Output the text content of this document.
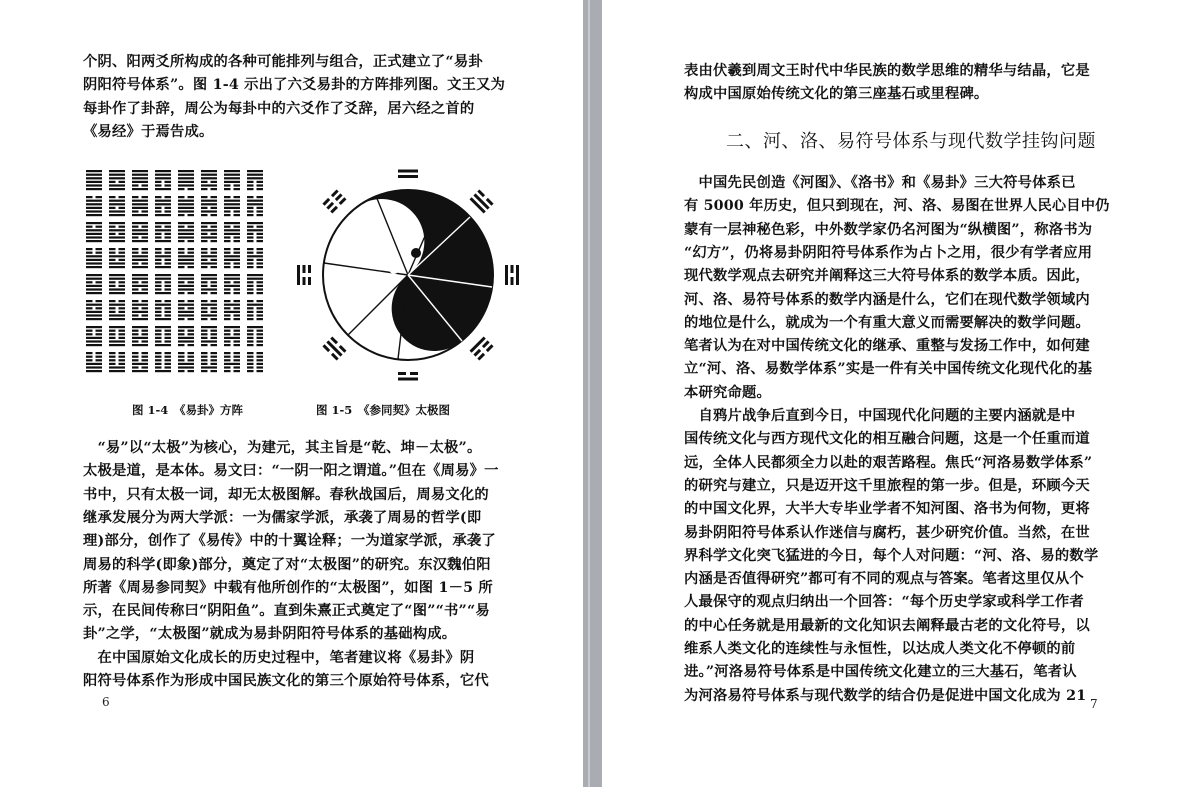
个阴、阳两爻所构成的各种可能排列与组合，正式建立了“易卦

阴阳符号体系”。图 1-4 示出了六爻易卦的方阵排列图。文王又为

每卦作了卦辞，周公为每卦中的六爻作了爻辞，居六经之首的

《易经》于焉告成。

图 1-4　《易卦》方阵	图 1-5　《参同契》太极图

　“易”以“太极”为核心，为建元，其主旨是“乾、坤－太极”。

太极是道，是本体。易文曰：“一阴一阳之谓道。”但在《周易》一

书中，只有太极一词，却无太极图解。春秋战国后，周易文化的

继承发展分为两大学派：一为儒家学派，承袭了周易的哲学(即

理)部分，创作了《易传》中的十翼诠释；一为道家学派，承袭了

周易的科学(即象)部分，奠定了对“太极图”的研究。东汉魏伯阳

所著《周易参同契》中载有他所创作的“太极图”，如图 1－5 所

示，在民间传称曰“阴阳鱼”。直到朱熹正式奠定了“图”“书”“易

卦”之学，“太极图”就成为易卦阴阳符号体系的基础构成。

　在中国原始文化成长的历史过程中，笔者建议将《易卦》阴

阳符号体系作为形成中国民族文化的第三个原始符号体系，它代

6

表由伏羲到周文王时代中华民族的数学思维的精华与结晶，它是

构成中国原始传统文化的第三座基石或里程碑。

二、河、洛、易符号体系与现代数学挂钩问题

　中国先民创造《河图》、《洛书》和《易卦》三大符号体系已

有 5000 年历史，但只到现在，河、洛、易图在世界人民心目中仍

蒙有一层神秘色彩，中外数学家仍名河图为“纵横图”，称洛书为

“幻方”，仍将易卦阴阳符号体系作为占卜之用，很少有学者应用

现代数学观点去研究并阐释这三大符号体系的数学本质。因此，

河、洛、易符号体系的数学内涵是什么，它们在现代数学领域内

的地位是什么，就成为一个有重大意义而需要解决的数学问题。

笔者认为在对中国传统文化的继承、重整与发扬工作中，如何建

立“河、洛、易数学体系”实是一件有关中国传统文化现代化的基

本研究命题。

　自鸦片战争后直到今日，中国现代化问题的主要内涵就是中

国传统文化与西方现代文化的相互融合问题，这是一个任重而道

远，全体人民都须全力以赴的艰苦路程。焦氏“河洛易数学体系”

的研究与建立，只是迈开这千里旅程的第一步。但是，环顾今天

的中国文化界，大半大专毕业学者不知河图、洛书为何物，更将

易卦阴阳符号体系认作迷信与腐朽，甚少研究价值。当然，在世

界科学文化突飞猛进的今日，每个人对问题：“河、洛、易的数学

内涵是否值得研究”都可有不同的观点与答案。笔者这里仅从个

人最保守的观点归纳出一个回答：“每个历史学家或科学工作者

的中心任务就是用最新的文化知识去阐释最古老的文化符号，以

维系人类文化的连续性与永恒性，以达成人类文化不停顿的前

进。”河洛易符号体系是中国传统文化建立的三大基石，笔者认

为河洛易符号体系与现代数学的结合仍是促进中国文化成为 21

7
